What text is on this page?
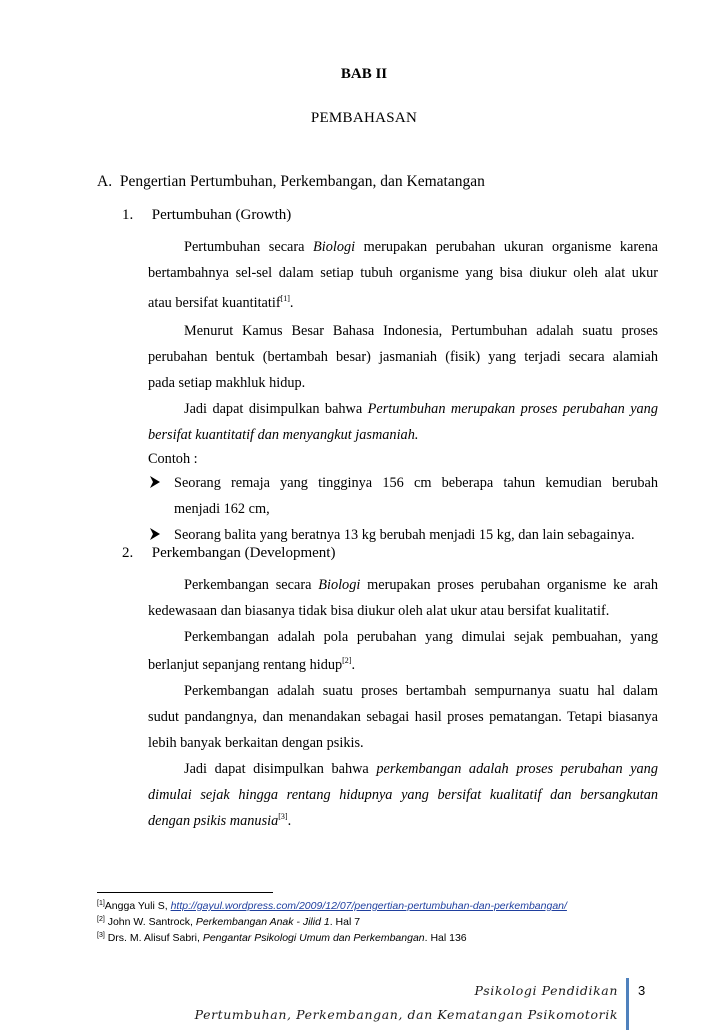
BAB II
PEMBAHASAN
A. Pengertian Pertumbuhan, Perkembangan, dan Kematangan
1. Pertumbuhan (Growth)
Pertumbuhan secara Biologi merupakan perubahan ukuran organisme karena
bertambahnya sel-sel dalam setiap tubuh organisme yang bisa diukur oleh alat ukur
atau bersifat kuantitatif[1].
Menurut Kamus Besar Bahasa Indonesia, Pertumbuhan adalah suatu proses
perubahan bentuk (bertambah besar) jasmaniah (fisik) yang terjadi secara alamiah
pada setiap makhluk hidup.
Jadi dapat disimpulkan bahwa Pertumbuhan merupakan proses perubahan yang
bersifat kuantitatif dan menyangkut jasmaniah.
Contoh :
Seorang remaja yang tingginya 156 cm beberapa tahun kemudian berubah
menjadi 162 cm,
Seorang balita yang beratnya 13 kg berubah menjadi 15 kg, dan lain sebagainya.
2. Perkembangan (Development)
Perkembangan secara Biologi merupakan proses perubahan organisme ke arah
kedewasaan dan biasanya tidak bisa diukur oleh alat ukur atau bersifat kualitatif.
Perkembangan adalah pola perubahan yang dimulai sejak pembuahan, yang
berlanjut sepanjang rentang hidup[2].
Perkembangan adalah suatu proses bertambah sempurnanya suatu hal dalam
sudut pandangnya, dan menandakan sebagai hasil proses pematangan. Tetapi biasanya
lebih banyak berkaitan dengan psikis.
Jadi dapat disimpulkan bahwa perkembangan adalah proses perubahan yang
dimulai sejak hingga rentang hidupnya yang bersifat kualitatif dan bersangkutan
dengan psikis manusia[3].
[1]Angga Yuli S, http://gayul.wordpress.com/2009/12/07/pengertian-pertumbuhan-dan-perkembangan/
[2] John W. Santrock, Perkembangan Anak - Jilid 1. Hal 7
[3] Drs. M. Alisuf Sabri, Pengantar Psikologi Umum dan Perkembangan. Hal 136
Psikologi Pendidikan
Pertumbuhan, Perkembangan, dan Kematangan Psikomotorik
3
